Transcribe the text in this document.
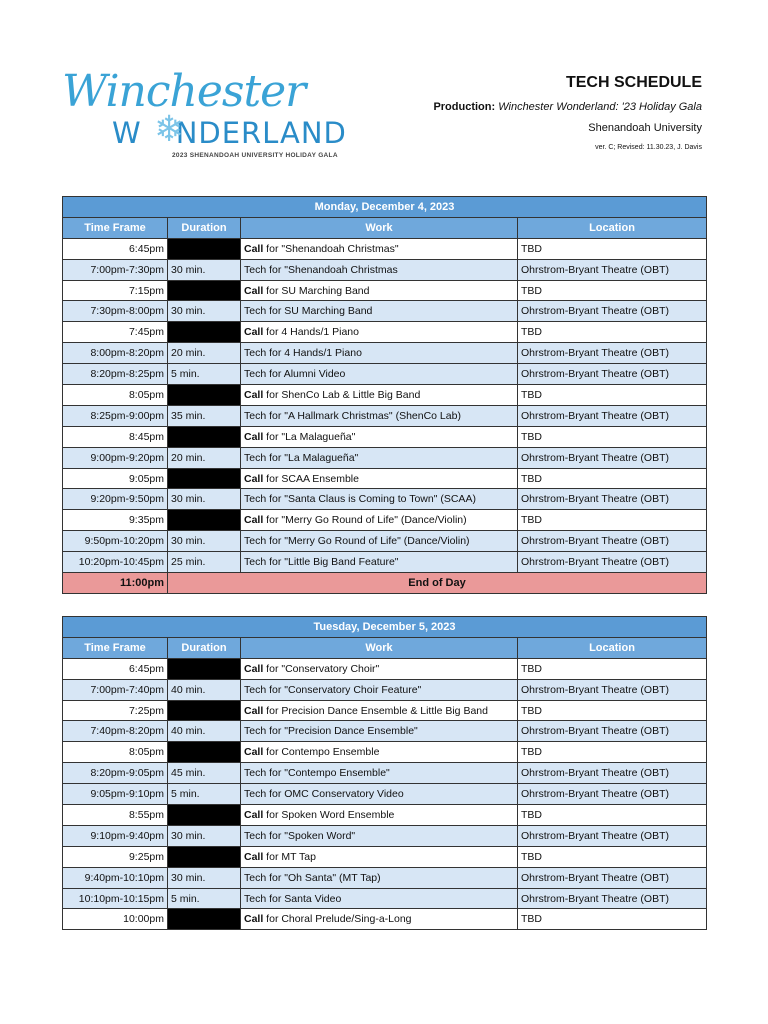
Winchester
W NDERLAND
❄
2023 SHENANDOAH UNIVERSITY HOLIDAY GALA
TECH SCHEDULE
Production: Winchester Wonderland: '23 Holiday Gala
Shenandoah University
ver. C; Revised: 11.30.23, J. Davis
Monday, December 4, 2023			
Time Frame	Duration	Work	Location
6:45pm		Call for "Shenandoah Christmas"	TBD
7:00pm-7:30pm	30 min.	Tech for "Shenandoah Christmas	Ohrstrom-Bryant Theatre (OBT)
7:15pm		Call for SU Marching Band	TBD
7:30pm-8:00pm	30 min.	Tech for SU Marching Band	Ohrstrom-Bryant Theatre (OBT)
7:45pm		Call for 4 Hands/1 Piano	TBD
8:00pm-8:20pm	20 min.	Tech for 4 Hands/1 Piano	Ohrstrom-Bryant Theatre (OBT)
8:20pm-8:25pm	5 min.	Tech for Alumni Video	Ohrstrom-Bryant Theatre (OBT)
8:05pm		Call for ShenCo Lab & Little Big Band	TBD
8:25pm-9:00pm	35 min.	Tech for "A Hallmark Christmas" (ShenCo Lab)	Ohrstrom-Bryant Theatre (OBT)
8:45pm		Call for "La Malagueña"	TBD
9:00pm-9:20pm	20 min.	Tech for "La Malagueña"	Ohrstrom-Bryant Theatre (OBT)
9:05pm		Call for SCAA Ensemble	TBD
9:20pm-9:50pm	30 min.	Tech for "Santa Claus is Coming to Town" (SCAA)	Ohrstrom-Bryant Theatre (OBT)
9:35pm		Call for "Merry Go Round of Life" (Dance/Violin)	TBD
9:50pm-10:20pm	30 min.	Tech for "Merry Go Round of Life" (Dance/Violin)	Ohrstrom-Bryant Theatre (OBT)
10:20pm-10:45pm	25 min.	Tech for "Little Big Band Feature"	Ohrstrom-Bryant Theatre (OBT)
11:00pm	End of Day		
Tuesday, December 5, 2023			
Time Frame	Duration	Work	Location
6:45pm		Call for "Conservatory Choir"	TBD
7:00pm-7:40pm	40 min.	Tech for "Conservatory Choir Feature"	Ohrstrom-Bryant Theatre (OBT)
7:25pm		Call for Precision Dance Ensemble & Little Big Band	TBD
7:40pm-8:20pm	40 min.	Tech for "Precision Dance Ensemble"	Ohrstrom-Bryant Theatre (OBT)
8:05pm		Call for Contempo Ensemble	TBD
8:20pm-9:05pm	45 min.	Tech for "Contempo Ensemble"	Ohrstrom-Bryant Theatre (OBT)
9:05pm-9:10pm	5 min.	Tech for OMC Conservatory Video	Ohrstrom-Bryant Theatre (OBT)
8:55pm		Call for Spoken Word Ensemble	TBD
9:10pm-9:40pm	30 min.	Tech for "Spoken Word"	Ohrstrom-Bryant Theatre (OBT)
9:25pm		Call for MT Tap	TBD
9:40pm-10:10pm	30 min.	Tech for "Oh Santa" (MT Tap)	Ohrstrom-Bryant Theatre (OBT)
10:10pm-10:15pm	5 min.	Tech for Santa Video	Ohrstrom-Bryant Theatre (OBT)
10:00pm		Call for Choral Prelude/Sing-a-Long	TBD
